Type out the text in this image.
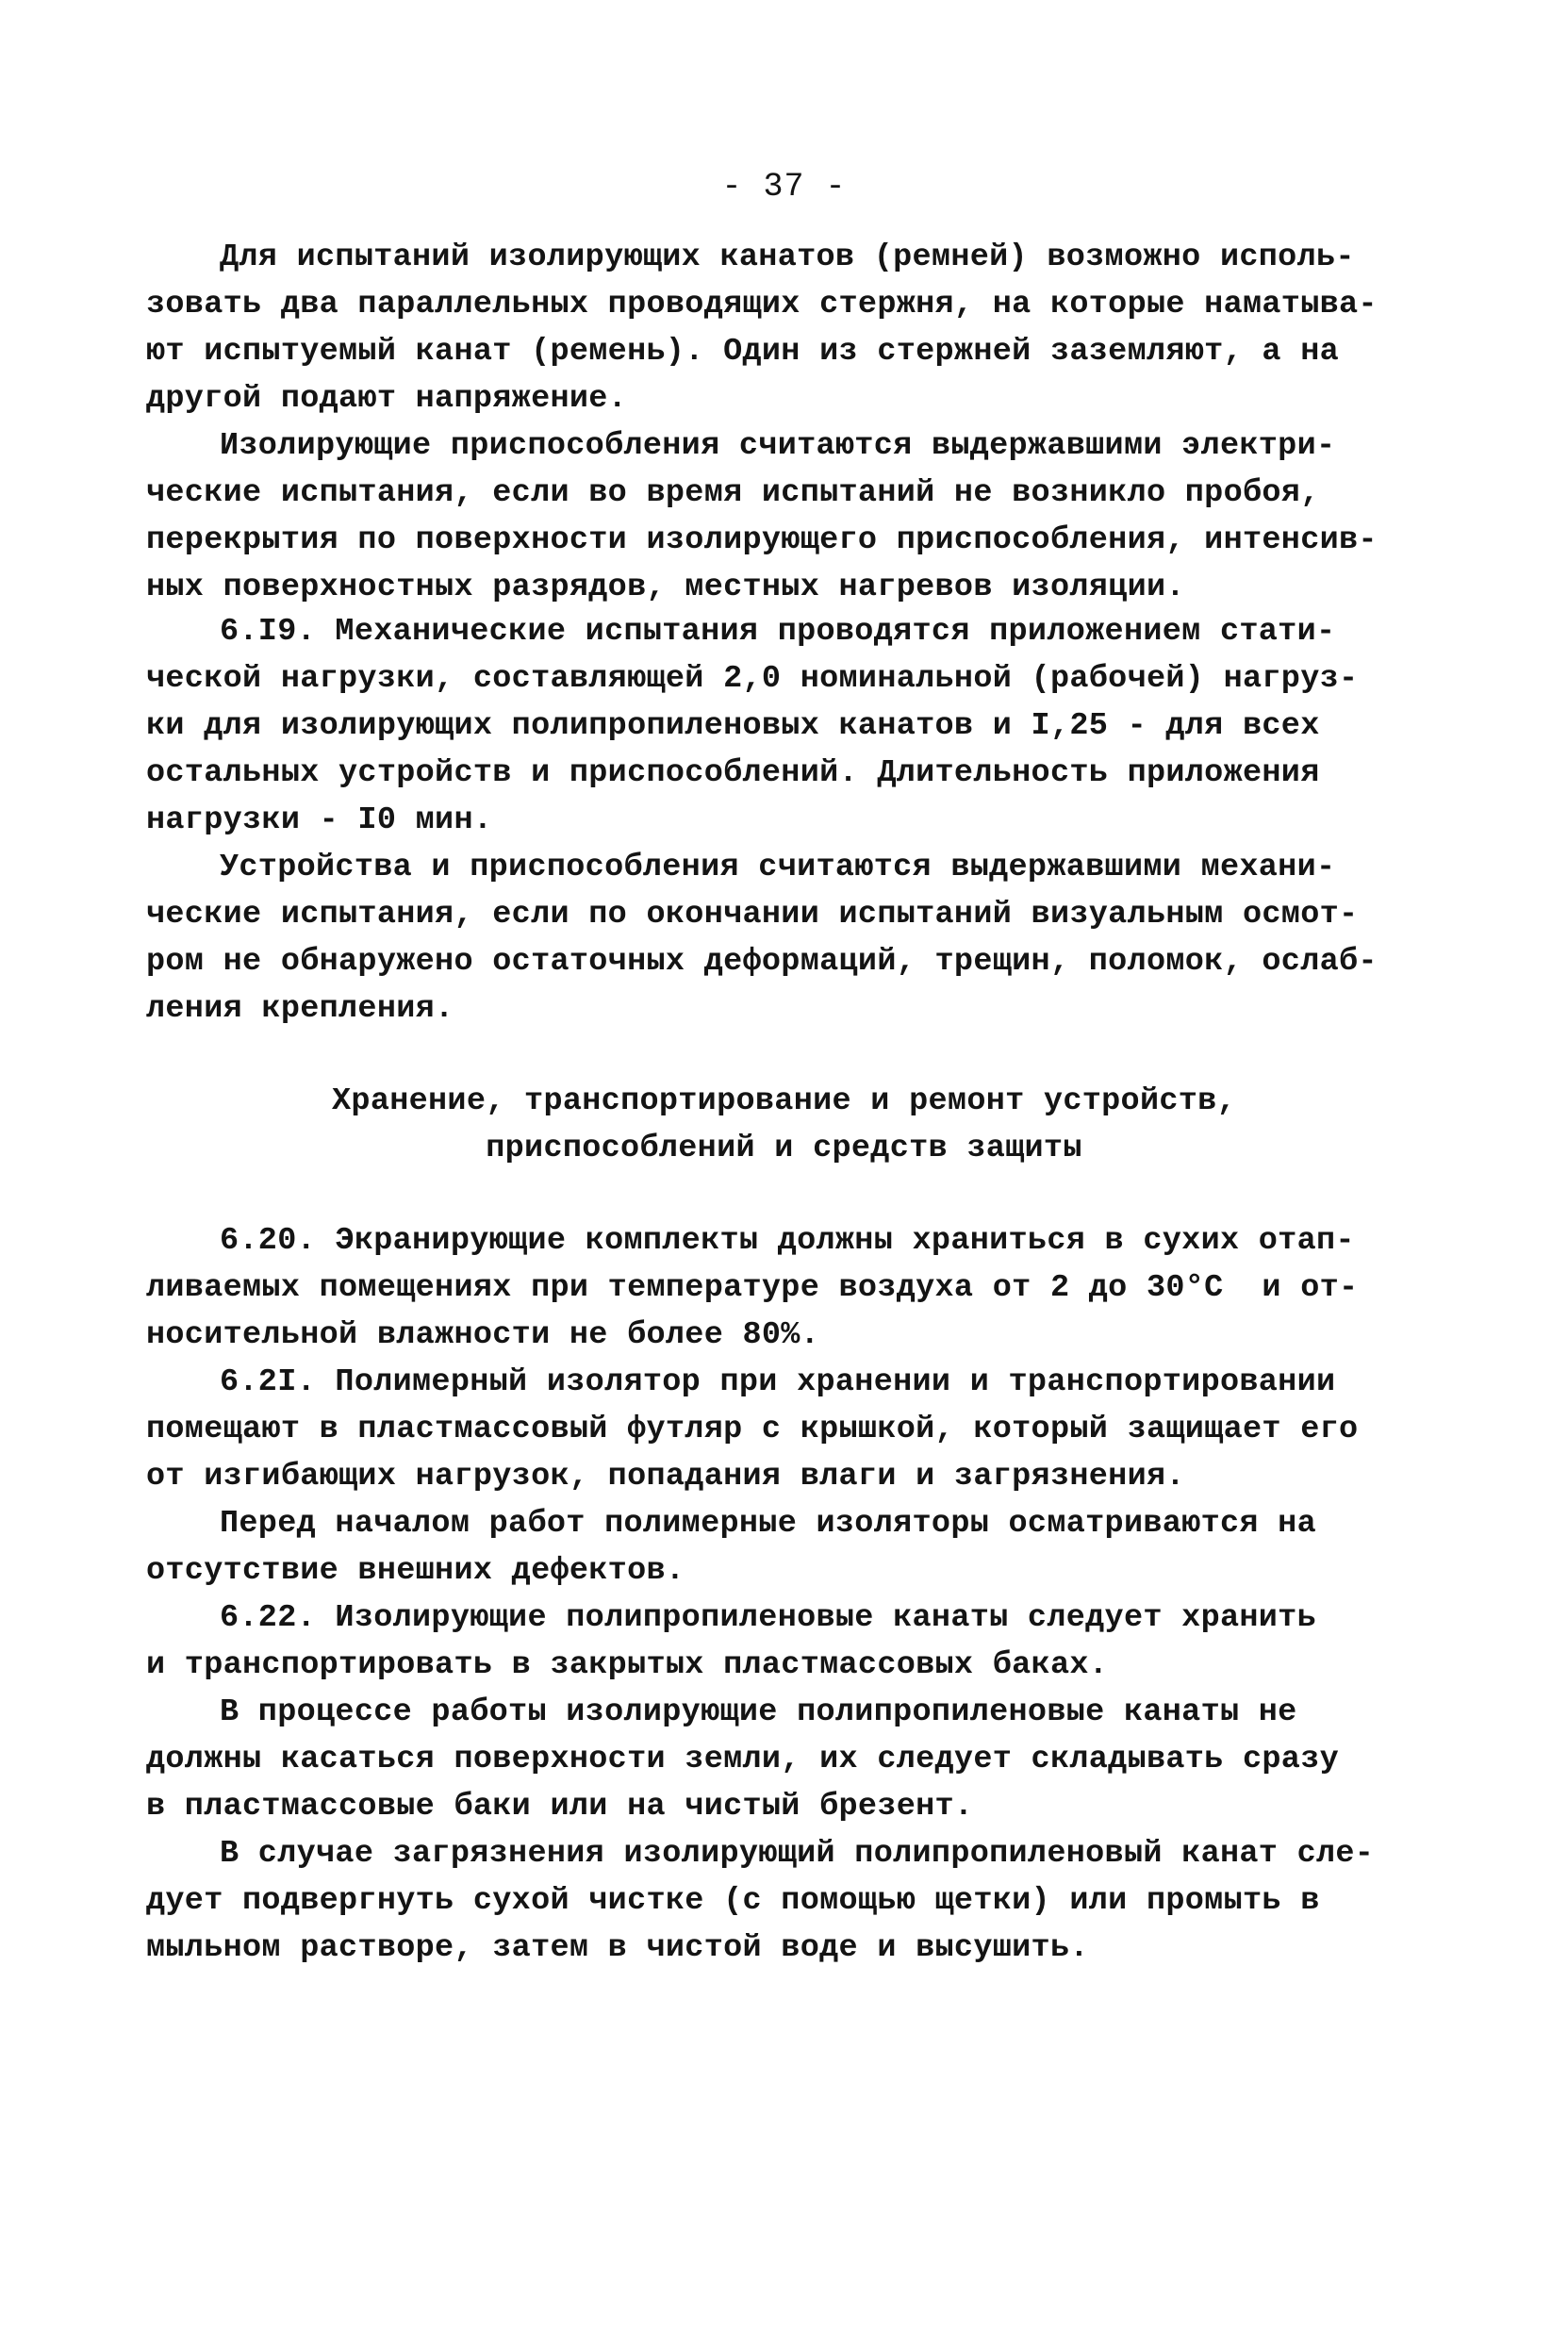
- 37 -
Для испытаний изолирующих канатов (ремней) возможно исполь-
зовать два параллельных проводящих стержня, на которые наматыва-
ют испытуемый канат (ремень). Один из стержней заземляют, а на
другой подают напряжение.
Изолирующие приспособления считаются выдержавшими электри-
ческие испытания, если во время испытаний не возникло пробоя,
перекрытия по поверхности изолирующего приспособления, интенсив-
ных поверхностных разрядов, местных нагревов изоляции.
6.I9. Механические испытания проводятся приложением стати-
ческой нагрузки, составляющей 2,0 номинальной (рабочей) нагруз-
ки для изолирующих полипропиленовых канатов и I,25 - для всех
остальных устройств и приспособлений. Длительность приложения
нагрузки - I0 мин.
Устройства и приспособления считаются выдержавшими механи-
ческие испытания, если по окончании испытаний визуальным осмот-
ром не обнаружено остаточных деформаций, трещин, поломок, ослаб-
ления крепления.
Хранение, транспортирование и ремонт устройств,
приспособлений и средств защиты
6.20. Экранирующие комплекты должны храниться в сухих отап-
ливаемых помещениях при температуре воздуха от 2 до 30°С  и от-
носительной влажности не более 80%.
6.2I. Полимерный изолятор при хранении и транспортировании
помещают в пластмассовый футляр с крышкой, который защищает его
от изгибающих нагрузок, попадания влаги и загрязнения.
Перед началом работ полимерные изоляторы осматриваются на
отсутствие внешних дефектов.
6.22. Изолирующие полипропиленовые канаты следует хранить
и транспортировать в закрытых пластмассовых баках.
В процессе работы изолирующие полипропиленовые канаты не
должны касаться поверхности земли, их следует складывать сразу
в пластмассовые баки или на чистый брезент.
В случае загрязнения изолирующий полипропиленовый канат сле-
дует подвергнуть сухой чистке (с помощью щетки) или промыть в
мыльном растворе, затем в чистой воде и высушить.
